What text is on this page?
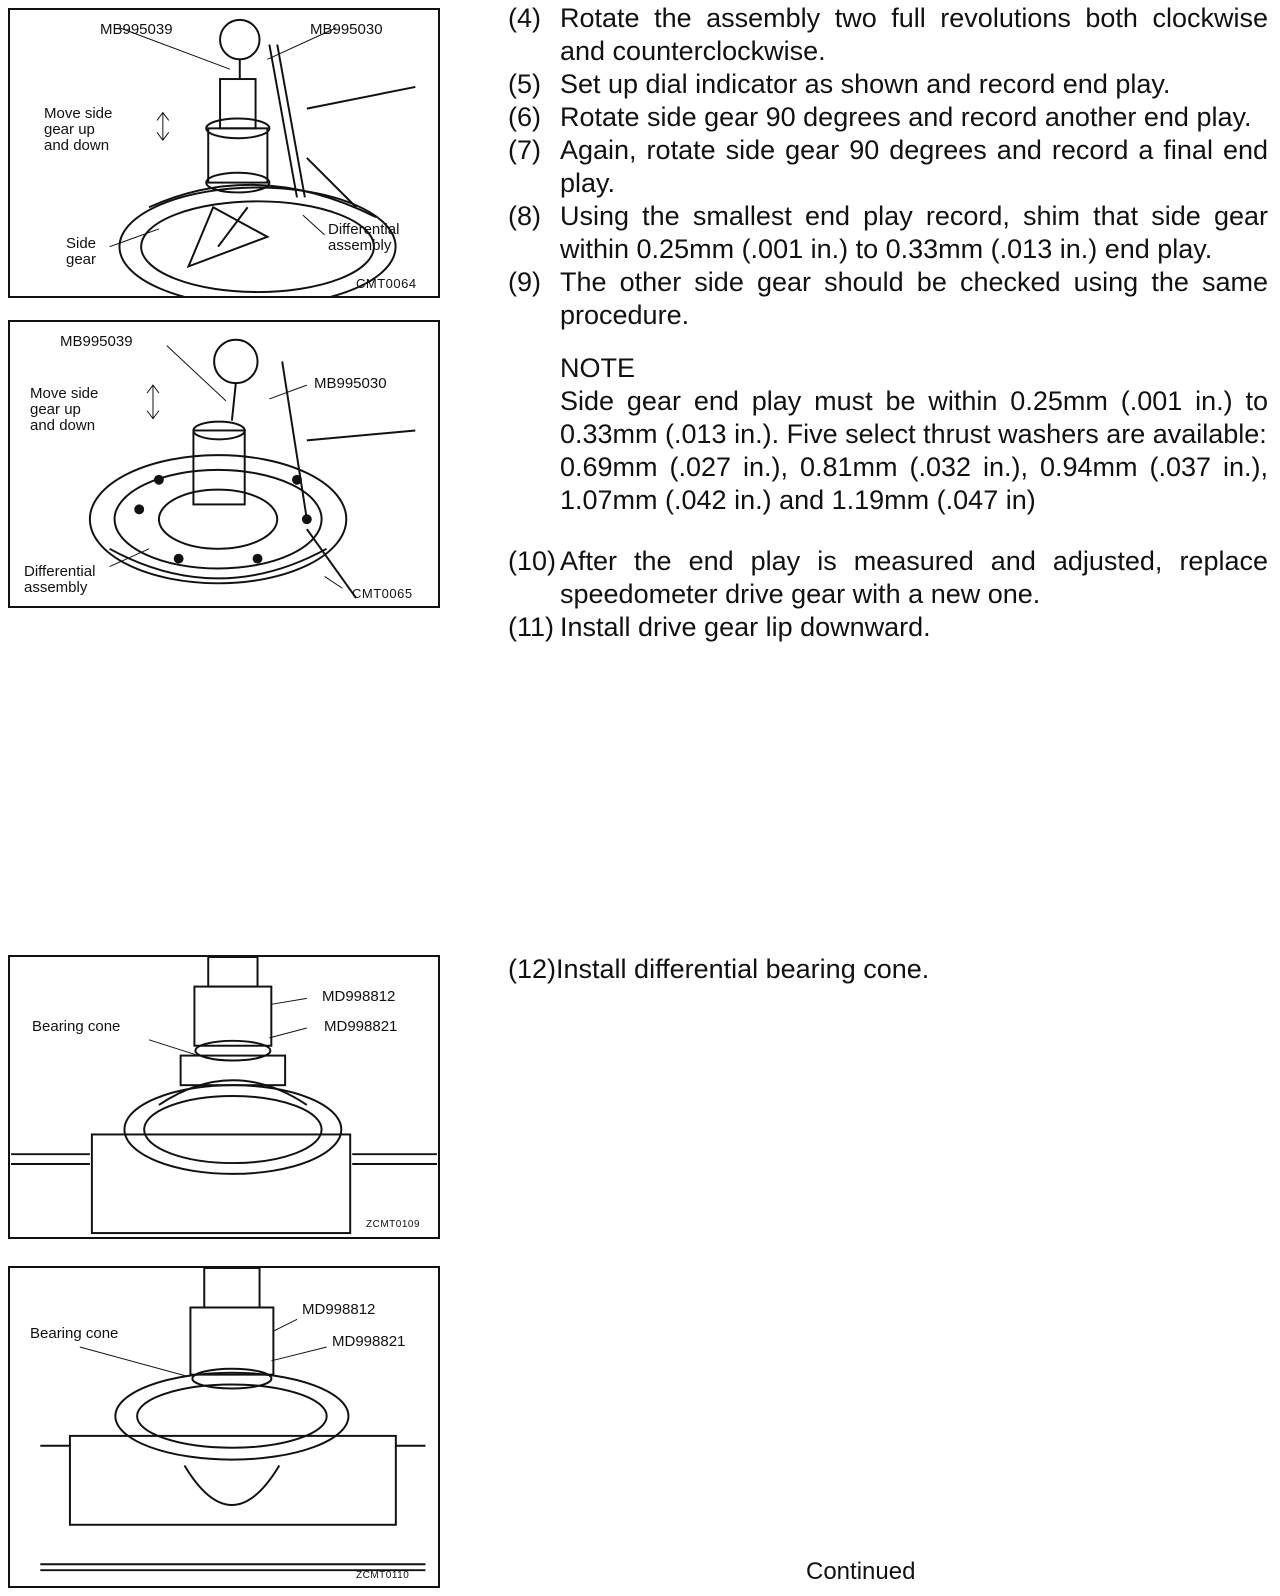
MB995039	MB995030
Move side
gear up
and down
Side
gear
Differential
assembly
CMT0064
MB995039
MB995030
Move side
gear up
and down
Differential
assembly	CMT0065
MD998812
MD998821
Bearing cone
ZCMT0109
MD998812
MD998821
Bearing cone
ZCMT0110
(4) Rotate the assembly two full revolutions both clockwise and counterclockwise.
(5) Set up dial indicator as shown and record end play.
(6) Rotate side gear 90 degrees and record another end play.
(7) Again, rotate side gear 90 degrees and record a final end play.
(8) Using the smallest end play record, shim that side gear within 0.25mm (.001 in.) to 0.33mm (.013 in.) end play.
(9) The other side gear should be checked using the same procedure.
NOTE
Side gear end play must be within 0.25mm (.001 in.) to 0.33mm (.013 in.). Five select thrust washers are available:
0.69mm (.027 in.), 0.81mm (.032 in.), 0.94mm (.037 in.), 1.07mm (.042 in.) and 1.19mm (.047 in)
(10) After the end play is measured and adjusted, replace speedometer drive gear with a new one.
(11) Install drive gear lip downward.
(12) Install differential bearing cone.
Continued
